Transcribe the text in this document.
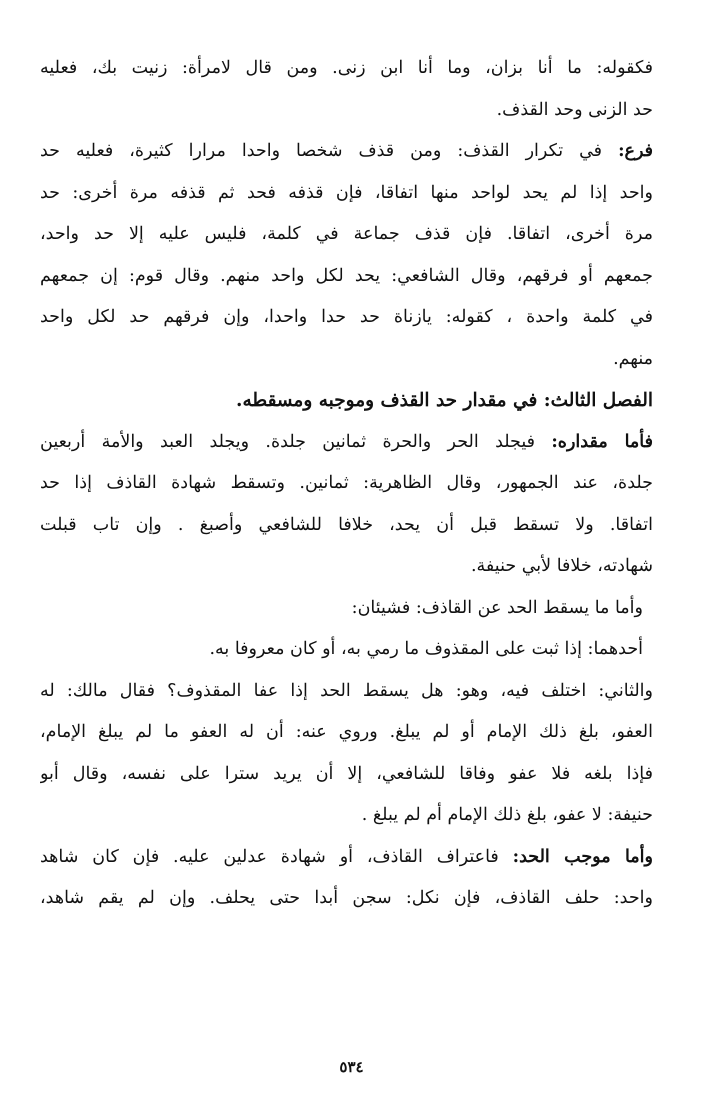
فكقوله: ما أنا بزان، وما أنا ابن زنى. ومن قال لامرأة: زنيت بك، فعليه
حد الزنى وحد القذف.
فرع: في تكرار القذف: ومن قذف شخصا واحدا مرارا كثيرة، فعليه حد
واحد إذا لم يحد لواحد منها اتفاقا، فإن قذفه فحد ثم قذفه مرة أخرى: حد
مرة أخرى، اتفاقا. فإن قذف جماعة في كلمة، فليس عليه إلا حد واحد،
جمعهم أو فرقهم، وقال الشافعي: يحد لكل واحد منهم. وقال قوم: إن جمعهم
في كلمة واحدة ، كقوله: يازناة حد حدا واحدا، وإن فرقهم حد لكل واحد
منهم.
الفصل الثالث: في مقدار حد القذف وموجبه ومسقطه.
فأما مقداره: فيجلد الحر والحرة ثمانين جلدة. ويجلد العبد والأمة أربعين
جلدة، عند الجمهور، وقال الظاهرية: ثمانين. وتسقط شهادة القاذف إذا حد
اتفاقا. ولا تسقط قبل أن يحد، خلافا للشافعي وأصبغ . وإن تاب قبلت
شهادته، خلافا لأبي حنيفة.
وأما ما يسقط الحد عن القاذف: فشيئان:
أحدهما: إذا ثبت على المقذوف ما رمي به، أو كان معروفا به.
والثاني: اختلف فيه، وهو: هل يسقط الحد إذا عفا المقذوف؟ فقال مالك: له
العفو، بلغ ذلك الإمام أو لم يبلغ. وروي عنه: أن له العفو ما لم يبلغ الإمام،
فإذا بلغه فلا عفو وفاقا للشافعي، إلا أن يريد سترا على نفسه، وقال أبو
حنيفة: لا عفو، بلغ ذلك الإمام أم لم يبلغ .
وأما موجب الحد: فاعتراف القاذف، أو شهادة عدلين عليه. فإن كان شاهد
واحد: حلف القاذف، فإن نكل: سجن أبدا حتى يحلف. وإن لم يقم شاهد،
٥٣٤
